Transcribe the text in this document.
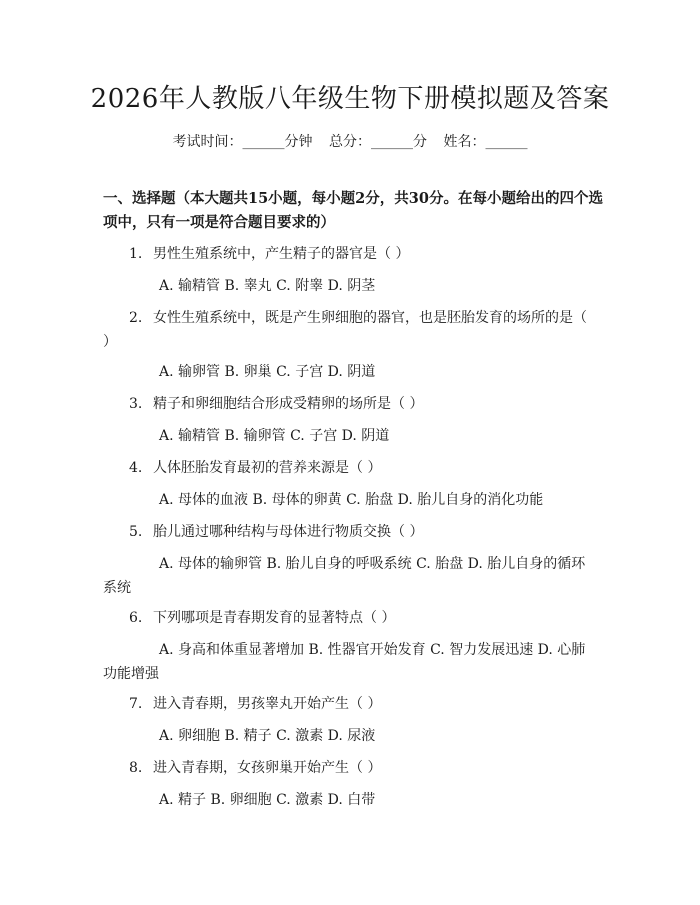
2026年人教版八年级生物下册模拟题及答案
考试时间：______分钟 总分：______分 姓名：______
一、选择题（本大题共15小题，每小题2分，共30分。在每小题给出的四个选项中，只有一项是符合题目要求的）
1. 男性生殖系统中，产生精子的器官是（ ）
A. 输精管 B. 睾丸 C. 附睾 D. 阴茎
2. 女性生殖系统中，既是产生卵细胞的器官，也是胚胎发育的场所的是（ ）
A. 输卵管 B. 卵巢 C. 子宫 D. 阴道
3. 精子和卵细胞结合形成受精卵的场所是（ ）
A. 输精管 B. 输卵管 C. 子宫 D. 阴道
4. 人体胚胎发育最初的营养来源是（ ）
A. 母体的血液 B. 母体的卵黄 C. 胎盘 D. 胎儿自身的消化功能
5. 胎儿通过哪种结构与母体进行物质交换（ ）
A. 母体的输卵管 B. 胎儿自身的呼吸系统 C. 胎盘 D. 胎儿自身的循环系统
6. 下列哪项是青春期发育的显著特点（ ）
A. 身高和体重显著增加 B. 性器官开始发育 C. 智力发展迅速 D. 心肺功能增强
7. 进入青春期，男孩睾丸开始产生（ ）
A. 卵细胞 B. 精子 C. 激素 D. 尿液
8. 进入青春期，女孩卵巢开始产生（ ）
A. 精子 B. 卵细胞 C. 激素 D. 白带
